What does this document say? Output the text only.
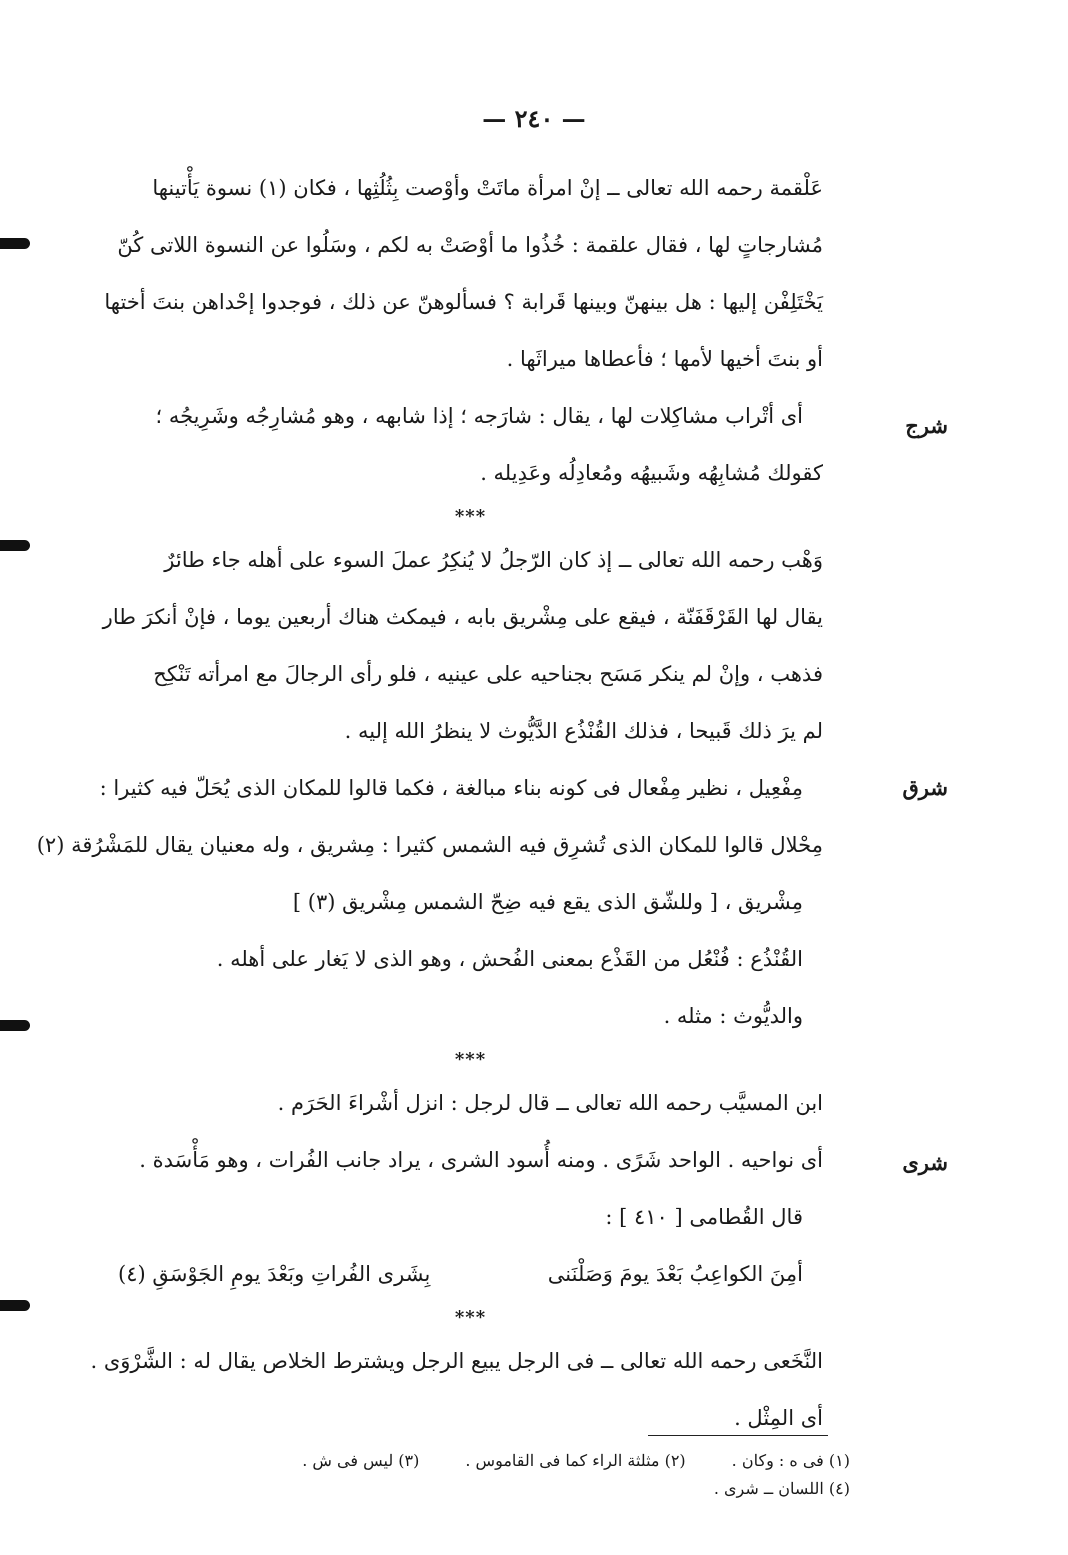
— ٢٤٠ —
شرج
شرق
شرى
عَلْقمة رحمه الله تعالى ــ إنْ امرأة ماتَتْ وأوْصت بِثُلُثِها ، فكان (١) نسوة يَأْتينها
مُشارجاتٍ لها ، فقال علقمة : خُذُوا ما أوْصَتْ به لكم ، وسَلُوا عن النسوة اللاتى كُنّ
يَخْتَلِفْن إليها : هل بينهنّ وبينها قَرابة ؟ فسألوهنّ عن ذلك ، فوجدوا إحْداهن بنتَ أختها
أو بنتَ أخيها لأمها ؛ فأعطاها ميراثَها .
أى أتْراب مشاكِلات لها ، يقال : شارَجه ؛ إذا شابهه ، وهو مُشارِجُه وشَرِيجُه ؛
كقولك مُشابِهُه وشَبيهُه ومُعادِلُه وعَدِيله .
***
وَهْب رحمه الله تعالى ــ إذ كان الرّجلُ لا يُنكِرُ عملَ السوء على أهله جاء طائرٌ
يقال لها القَرْقَفَنّة ، فيقع على مِشْريق بابه ، فيمكث هناك أربعين يوما ، فإنْ أنكرَ طار
فذهب ، وإنْ لم ينكر مَسَح بجناحيه على عينيه ، فلو رأى الرجالَ مع امرأته تَنْكِح
لم يرَ ذلك قَبيحا ، فذلك القُنْذُع الدَّيُّوث لا ينظرُ الله إليه .
مِفْعِيل ، نظير مِفْعال فى كونه بناء مبالغة ، فكما قالوا للمكان الذى يُحَلّ فيه كثيرا :
مِحْلال قالوا للمكان الذى تُشرِق فيه الشمس كثيرا : مِشريق ، وله معنيان يقال للمَشْرُقة (٢)
مِشْريق ، [ وللشّق الذى يقع فيه ضِحّ الشمس مِشْريق (٣) ]
القُنْذُع : فُنْعُل من القَذْع بمعنى الفُحش ، وهو الذى لا يَغار على أهله .
والديُّوث : مثله .
***
ابن المسيَّب رحمه الله تعالى ــ قال لرجل : انزل أشْراءَ الحَرَم .
أى نواحيه . الواحد شَرًى . ومنه أُسود الشرى ، يراد جانب الفُرات ، وهو مَأْسَدة .
قال القُطامى [ ٤١٠ ] :
أمِنَ الكواعِبُ بَعْدَ يومَ وَصَلْنَنى
بِشَرى الفُراتِ وبَعْدَ يومِ الجَوْسَقِ (٤)
***
النَّخَعى رحمه الله تعالى ــ فى الرجل يبيع الرجل ويشترط الخلاص يقال له : الشَّرْوَى .
أى المِثْل .
(١) فى ه : وكان .
(٢) مثلثة الراء كما فى القاموس .
(٣) ليس فى ش .
(٤) اللسان ــ شرى .
